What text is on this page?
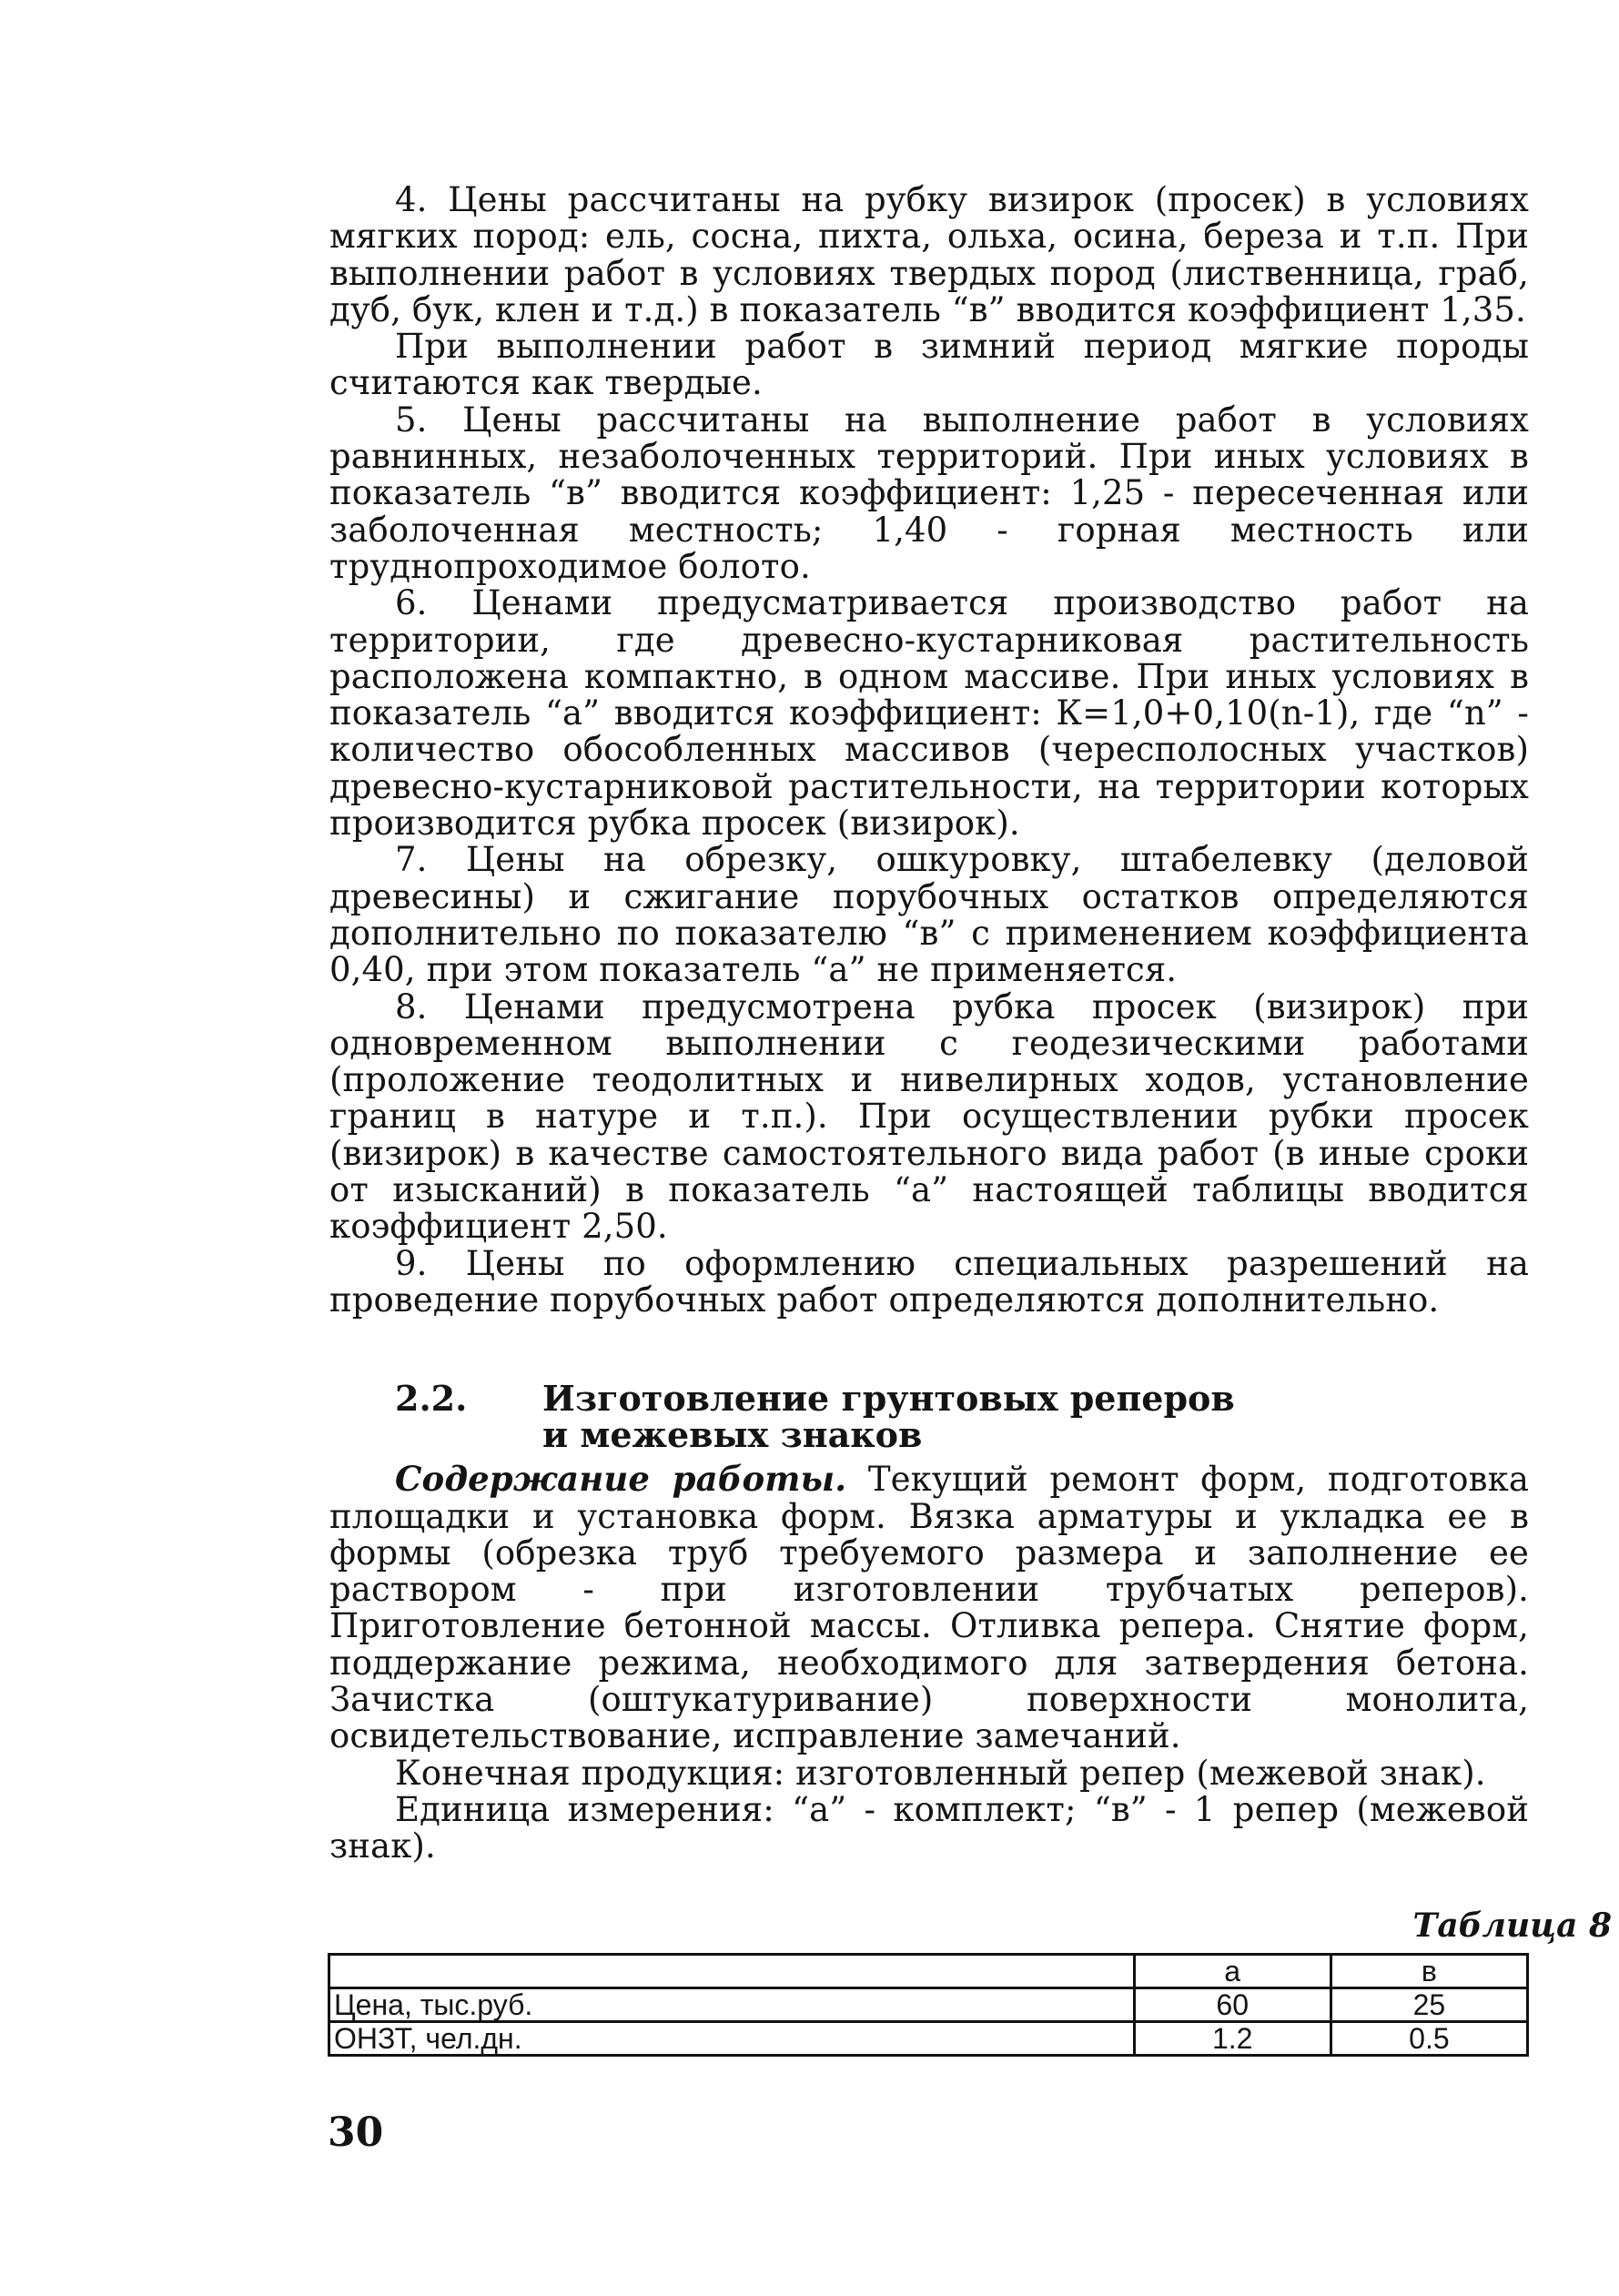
4. Цены рассчитаны на рубку визирок (просек) в условиях мягких пород: ель, сосна, пихта, ольха, осина, береза и т.п. При выполнении работ в условиях твердых пород (лиственница, граб, дуб, бук, клен и т.д.) в показатель “в” вводится коэффициент 1,35.

При выполнении работ в зимний период мягкие породы считаются как твердые.

5. Цены рассчитаны на выполнение работ в условиях равнинных, незаболоченных территорий. При иных условиях в показатель “в” вводится коэффициент: 1,25 - пересеченная или заболоченная местность; 1,40 - горная местность или труднопроходимое болото.

6. Ценами предусматривается производство работ на территории, где древесно-кустарниковая растительность расположена компактно, в одном массиве. При иных условиях в показатель “а” вводится коэффициент: К=1,0+0,10(n-1), где “n” - количество обособленных массивов (чересполосных участков) древесно-кустарниковой растительности, на территории которых производится рубка просек (визирок).

7. Цены на обрезку, ошкуровку, штабелевку (деловой древесины) и сжигание порубочных остатков определяются дополнительно по показателю “в” с применением коэффициента 0,40, при этом показатель “а” не применяется.

8. Ценами предусмотрена рубка просек (визирок) при одновременном выполнении с геодезическими работами (проложение теодолитных и нивелирных ходов, установление границ в натуре и т.п.). При осуществлении рубки просек (визирок) в качестве самостоятельного вида работ (в иные сроки от изысканий) в показатель “а” настоящей таблицы вводится коэффициент 2,50.

9. Цены по оформлению специальных разрешений на проведение порубочных работ определяются дополнительно.

2.2. Изготовление грунтовых реперов
и межевых знаков

Содержание работы. Текущий ремонт форм, подготовка площадки и установка форм. Вязка арматуры и укладка ее в формы (обрезка труб требуемого размера и заполнение ее раствором - при изготовлении трубчатых реперов). Приготовление бетонной массы. Отливка репера. Снятие форм, поддержание режима, необходимого для затвердения бетона. Зачистка (оштукатуривание) поверхности монолита, освидетельствование, исправление замечаний.

Конечная продукция: изготовленный репер (межевой знак).

Единица измерения: “а” - комплект; “в” - 1 репер (межевой знак).

Таблица 8
	а	в
Цена, тыс.руб.	60	25
ОНЗТ, чел.дн.	1.2	0.5
30
